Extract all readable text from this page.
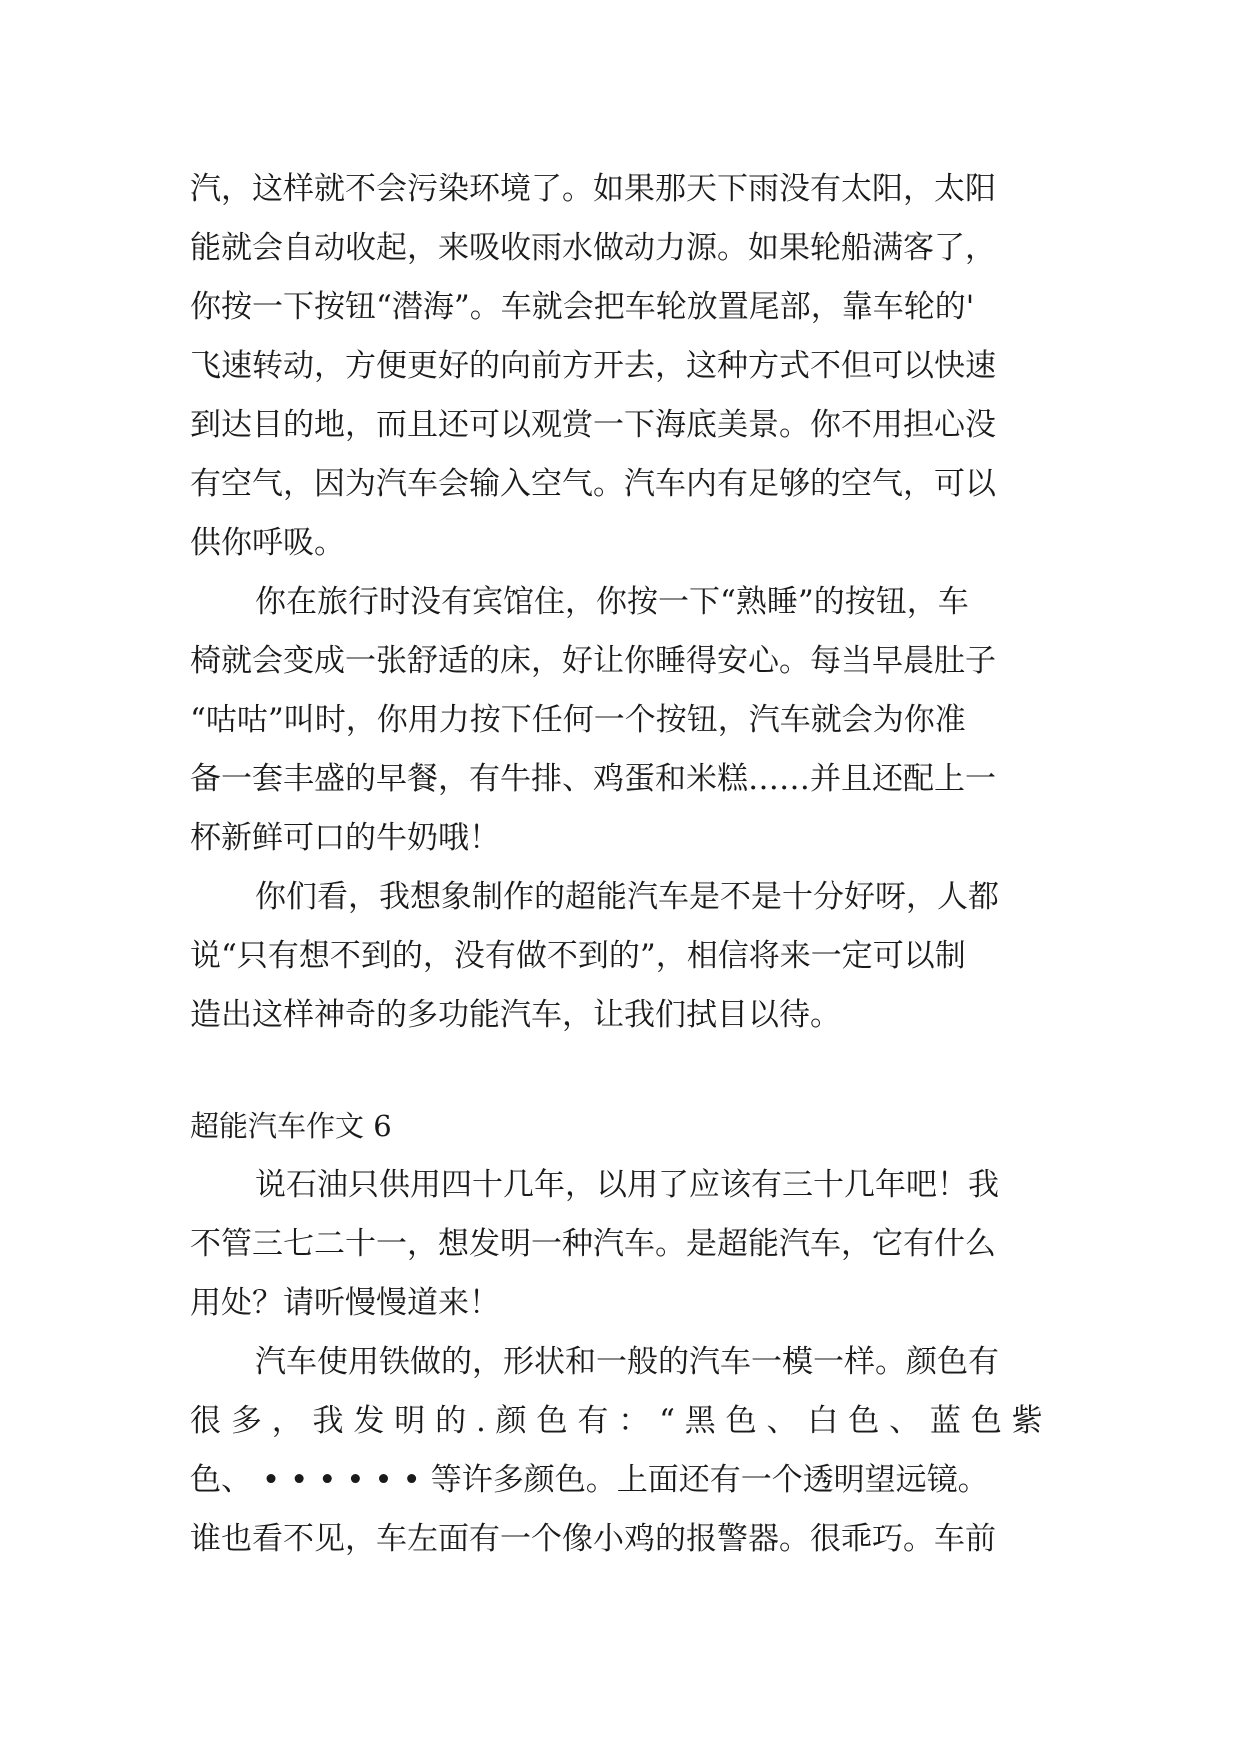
汽，这样就不会污染环境了。如果那天下雨没有太阳，太阳
能就会自动收起，来吸收雨水做动力源。如果轮船满客了，
你按一下按钮“潜海”。车就会把车轮放置尾部，靠车轮的'
飞速转动，方便更好的向前方开去，这种方式不但可以快速
到达目的地，而且还可以观赏一下海底美景。你不用担心没
有空气，因为汽车会输入空气。汽车内有足够的空气，可以
供你呼吸。
你在旅行时没有宾馆住，你按一下“熟睡”的按钮，车
椅就会变成一张舒适的床，好让你睡得安心。每当早晨肚子
“咕咕”叫时，你用力按下任何一个按钮，汽车就会为你准
备一套丰盛的早餐，有牛排、鸡蛋和米糕……并且还配上一
杯新鲜可口的牛奶哦！
你们看，我想象制作的超能汽车是不是十分好呀，人都
说“只有想不到的，没有做不到的”，相信将来一定可以制
造出这样神奇的多功能汽车，让我们拭目以待。
超能汽车作文 6
说石油只供用四十几年，以用了应该有三十几年吧！我
不管三七二十一，想发明一种汽车。是超能汽车，它有什么
用处？请听慢慢道来！
汽车使用铁做的，形状和一般的汽车一模一样。颜色有
很 多 ， 我 发 明 的 . 颜 色 有 ： “ 黑 色 、 白 色 、 蓝 色 紫
色、 • • • • • • 等许多颜色。上面还有一个透明望远镜。
谁也看不见，车左面有一个像小鸡的报警器。很乖巧。车前
